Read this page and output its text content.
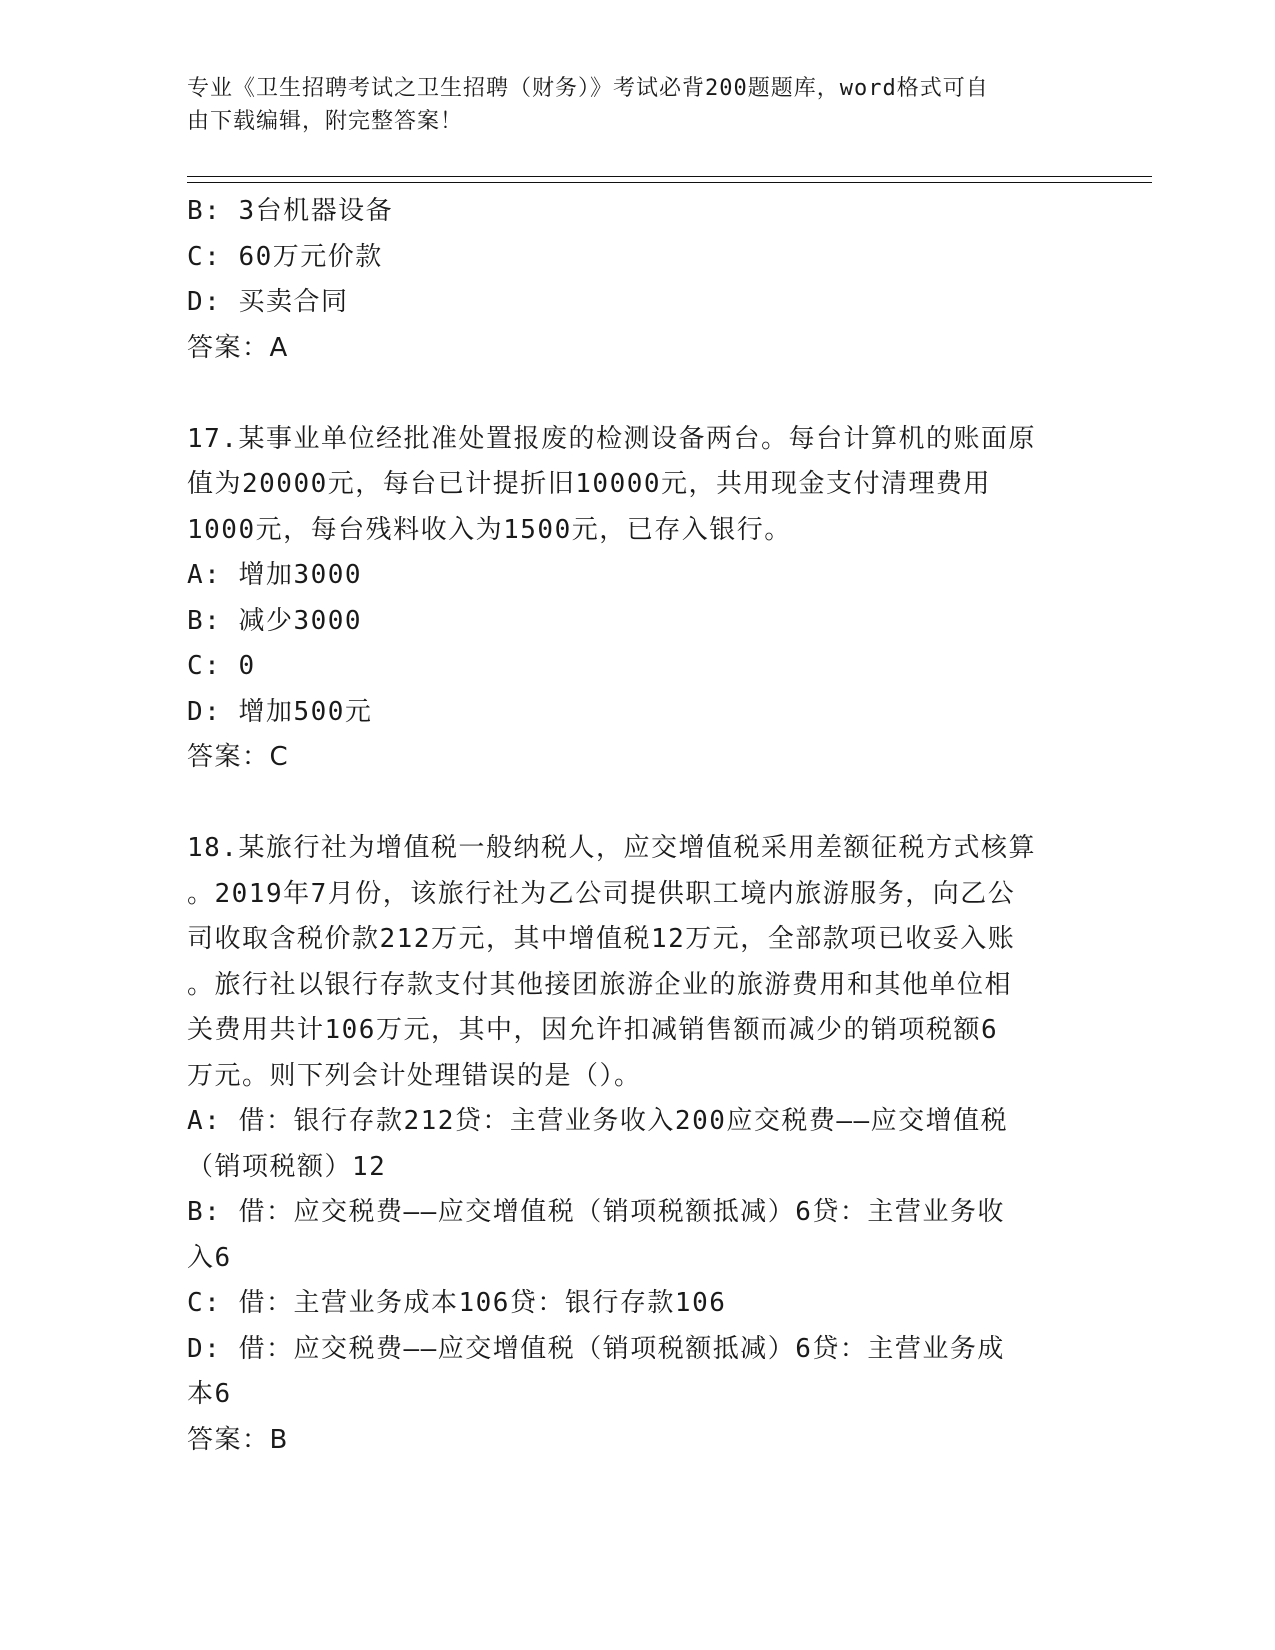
专业《卫生招聘考试之卫生招聘（财务）》考试必背200题题库，word格式可自
由下载编辑，附完整答案！
B: 3台机器设备
C: 60万元价款
D: 买卖合同
答案：A
17.某事业单位经批准处置报废的检测设备两台。每台计算机的账面原
值为20000元，每台已计提折旧10000元，共用现金支付清理费用
1000元，每台残料收入为1500元，已存入银行。
A: 增加3000
B: 减少3000
C: 0
D: 增加500元
答案：C
18.某旅行社为增值税一般纳税人，应交增值税采用差额征税方式核算
。2019年7月份，该旅行社为乙公司提供职工境内旅游服务，向乙公
司收取含税价款212万元，其中增值税12万元，全部款项已收妥入账
。旅行社以银行存款支付其他接团旅游企业的旅游费用和其他单位相
关费用共计106万元，其中，因允许扣减销售额而减少的销项税额6
万元。则下列会计处理错误的是（）。
A: 借：银行存款212贷：主营业务收入200应交税费——应交增值税
（销项税额）12
B: 借：应交税费——应交增值税（销项税额抵减）6贷：主营业务收
入6
C: 借：主营业务成本106贷：银行存款106
D: 借：应交税费——应交增值税（销项税额抵减）6贷：主营业务成
本6
答案：B
